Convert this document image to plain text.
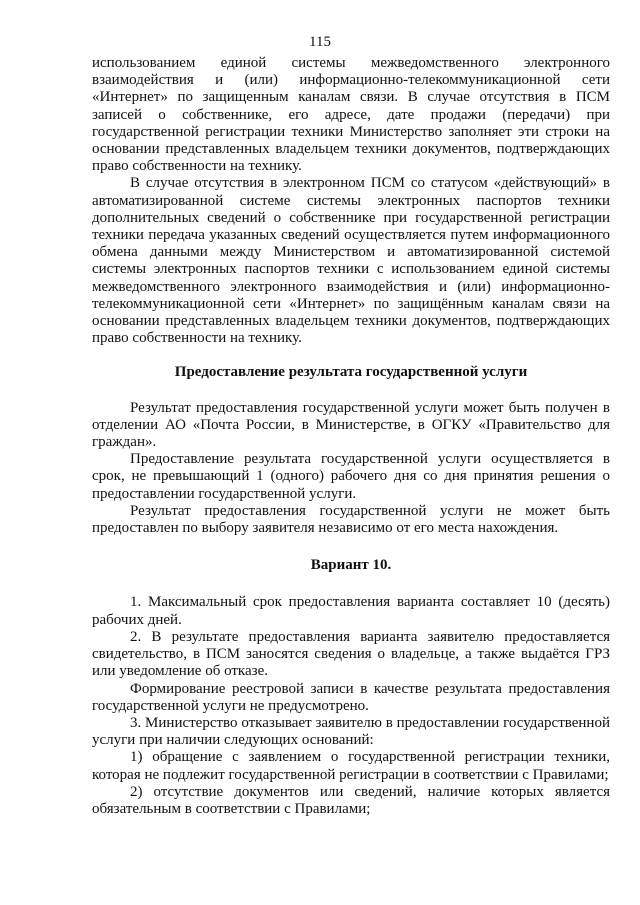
115

использованием единой системы межведомственного электронного взаимодействия и (или) информационно-телекоммуникационной сети «Интернет» по защищенным каналам связи. В случае отсутствия в ПСМ записей о собственнике, его адресе, дате продажи (передачи) при государственной регистрации техники Министерство заполняет эти строки на основании представленных владельцем техники документов, подтверждающих право собственности на технику.

В случае отсутствия в электронном ПСМ со статусом «действующий» в автоматизированной системе системы электронных паспортов техники дополнительных сведений о собственнике при государственной регистрации техники передача указанных сведений осуществляется путем информационного обмена данными между Министерством и автоматизированной системой системы электронных паспортов техники с использованием единой системы межведомственного электронного взаимодействия и (или) информационно-телекоммуникационной сети «Интернет» по защищённым каналам связи на основании представленных владельцем техники документов, подтверждающих право собственности на технику.

Предоставление результата государственной услуги

Результат предоставления государственной услуги может быть получен в отделении АО «Почта России, в Министерстве, в ОГКУ «Правительство для граждан».

Предоставление результата государственной услуги осуществляется в срок, не превышающий 1 (одного) рабочего дня со дня принятия решения о предоставлении государственной услуги.

Результат предоставления государственной услуги не может быть предоставлен по выбору заявителя независимо от его места нахождения.

Вариант 10.

1. Максимальный срок предоставления варианта составляет 10 (десять) рабочих дней.

2. В результате предоставления варианта заявителю предоставляется свидетельство, в ПСМ заносятся сведения о владельце, а также выдаётся ГРЗ или уведомление об отказе.

Формирование реестровой записи в качестве результата предоставления государственной услуги не предусмотрено.

3. Министерство отказывает заявителю в предоставлении государственной услуги при наличии следующих оснований:

1) обращение с заявлением о государственной регистрации техники, которая не подлежит государственной регистрации в соответствии с Правилами;

2) отсутствие документов или сведений, наличие которых является обязательным в соответствии с Правилами;
